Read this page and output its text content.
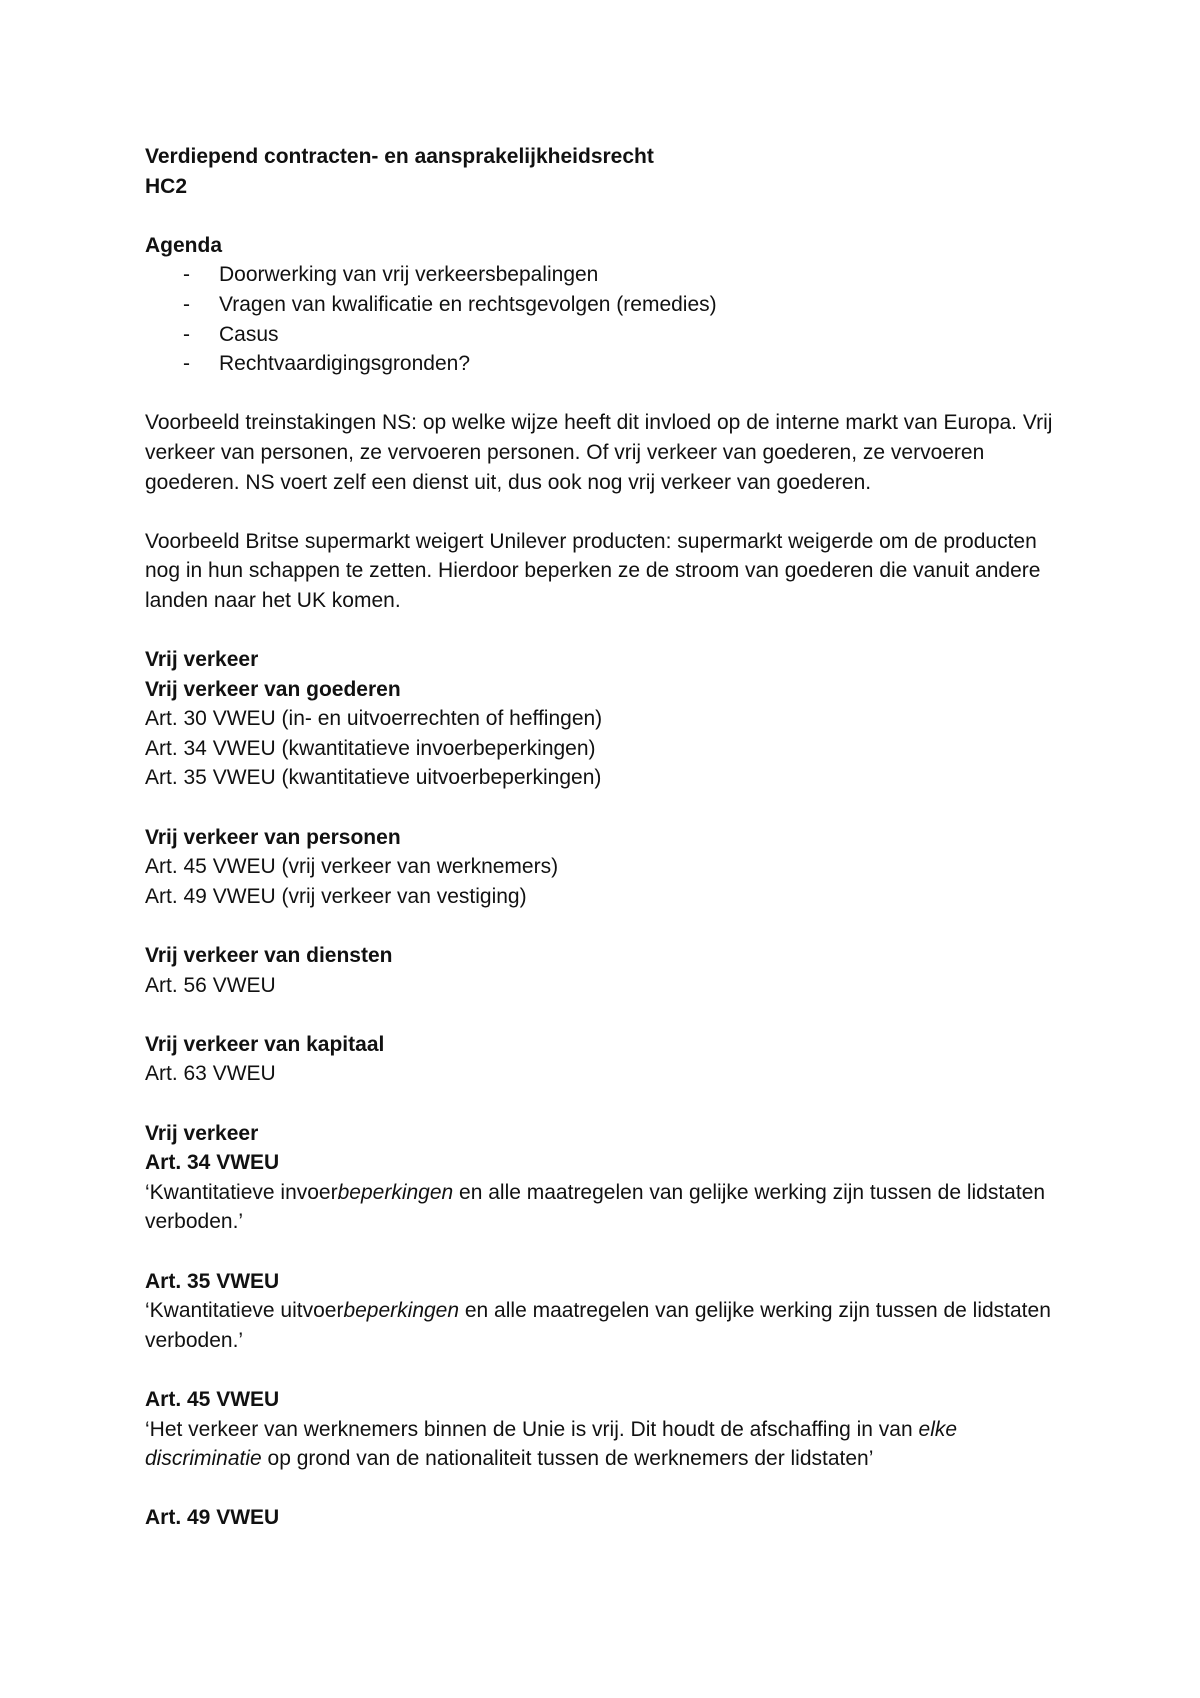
Verdiepend contracten- en aansprakelijkheidsrecht
HC2
Agenda
- Doorwerking van vrij verkeersbepalingen
- Vragen van kwalificatie en rechtsgevolgen (remedies)
- Casus
- Rechtvaardigingsgronden?

Voorbeeld treinstakingen NS: op welke wijze heeft dit invloed op de interne markt van Europa. Vrij verkeer van personen, ze vervoeren personen. Of vrij verkeer van goederen, ze vervoeren goederen. NS voert zelf een dienst uit, dus ook nog vrij verkeer van goederen.

Voorbeeld Britse supermarkt weigert Unilever producten: supermarkt weigerde om de producten nog in hun schappen te zetten. Hierdoor beperken ze de stroom van goederen die vanuit andere landen naar het UK komen.

Vrij verkeer
Vrij verkeer van goederen
Art. 30 VWEU (in- en uitvoerrechten of heffingen)
Art. 34 VWEU (kwantitatieve invoerbeperkingen)
Art. 35 VWEU (kwantitatieve uitvoerbeperkingen)
Vrij verkeer van personen
Art. 45 VWEU (vrij verkeer van werknemers)
Art. 49 VWEU (vrij verkeer van vestiging)
Vrij verkeer van diensten
Art. 56 VWEU
Vrij verkeer van kapitaal
Art. 63 VWEU
Vrij verkeer
Art. 34 VWEU

‘Kwantitatieve invoerbeperkingen en alle maatregelen van gelijke werking zijn tussen de lidstaten verboden.’

Art. 35 VWEU

‘Kwantitatieve uitvoerbeperkingen en alle maatregelen van gelijke werking zijn tussen de lidstaten verboden.’

Art. 45 VWEU

‘Het verkeer van werknemers binnen de Unie is vrij. Dit houdt de afschaffing in van elke discriminatie op grond van de nationaliteit tussen de werknemers der lidstaten’

Art. 49 VWEU
